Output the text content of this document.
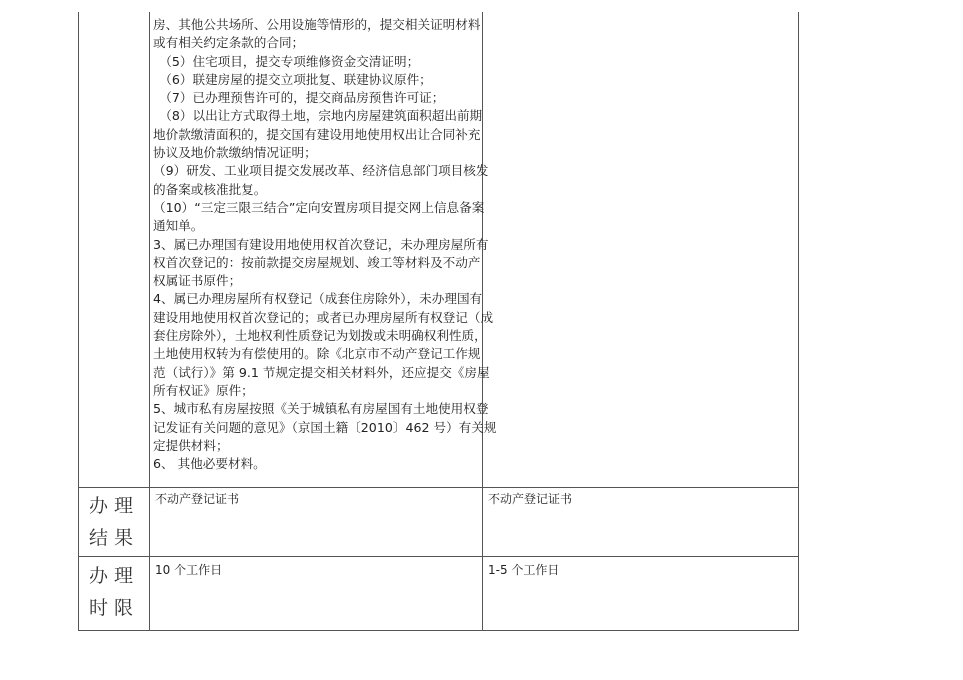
房、其他公共场所、公用设施等情形的，提交相关证明材料
或有相关约定条款的合同；
　（5）住宅项目，提交专项维修资金交清证明；
　（6）联建房屋的提交立项批复、联建协议原件；
　（7）已办理预售许可的，提交商品房预售许可证；
　（8）以出让方式取得土地，宗地内房屋建筑面积超出前期
地价款缴清面积的，提交国有建设用地使用权出让合同补充
协议及地价款缴纳情况证明；
（9）研发、工业项目提交发展改革、经济信息部门项目核发
的备案或核准批复。
（10）“三定三限三结合”定向安置房项目提交网上信息备案
通知单。
3、属已办理国有建设用地使用权首次登记，未办理房屋所有
权首次登记的：按前款提交房屋规划、竣工等材料及不动产
权属证书原件；
4、属已办理房屋所有权登记（成套住房除外），未办理国有
建设用地使用权首次登记的；或者已办理房屋所有权登记（成
套住房除外），土地权利性质登记为划拨或未明确权利性质，
土地使用权转为有偿使用的。除《北京市不动产登记工作规
范（试行）》第 9.1 节规定提交相关材料外，还应提交《房屋
所有权证》原件；
5、城市私有房屋按照《关于城镇私有房屋国有土地使用权登
记发证有关问题的意见》（京国土籍〔2010〕462 号）有关规
定提供材料；
6、 其他必要材料。
办理
结果
不动产登记证书	不动产登记证书
办理
时限
10 个工作日	1-5 个工作日
